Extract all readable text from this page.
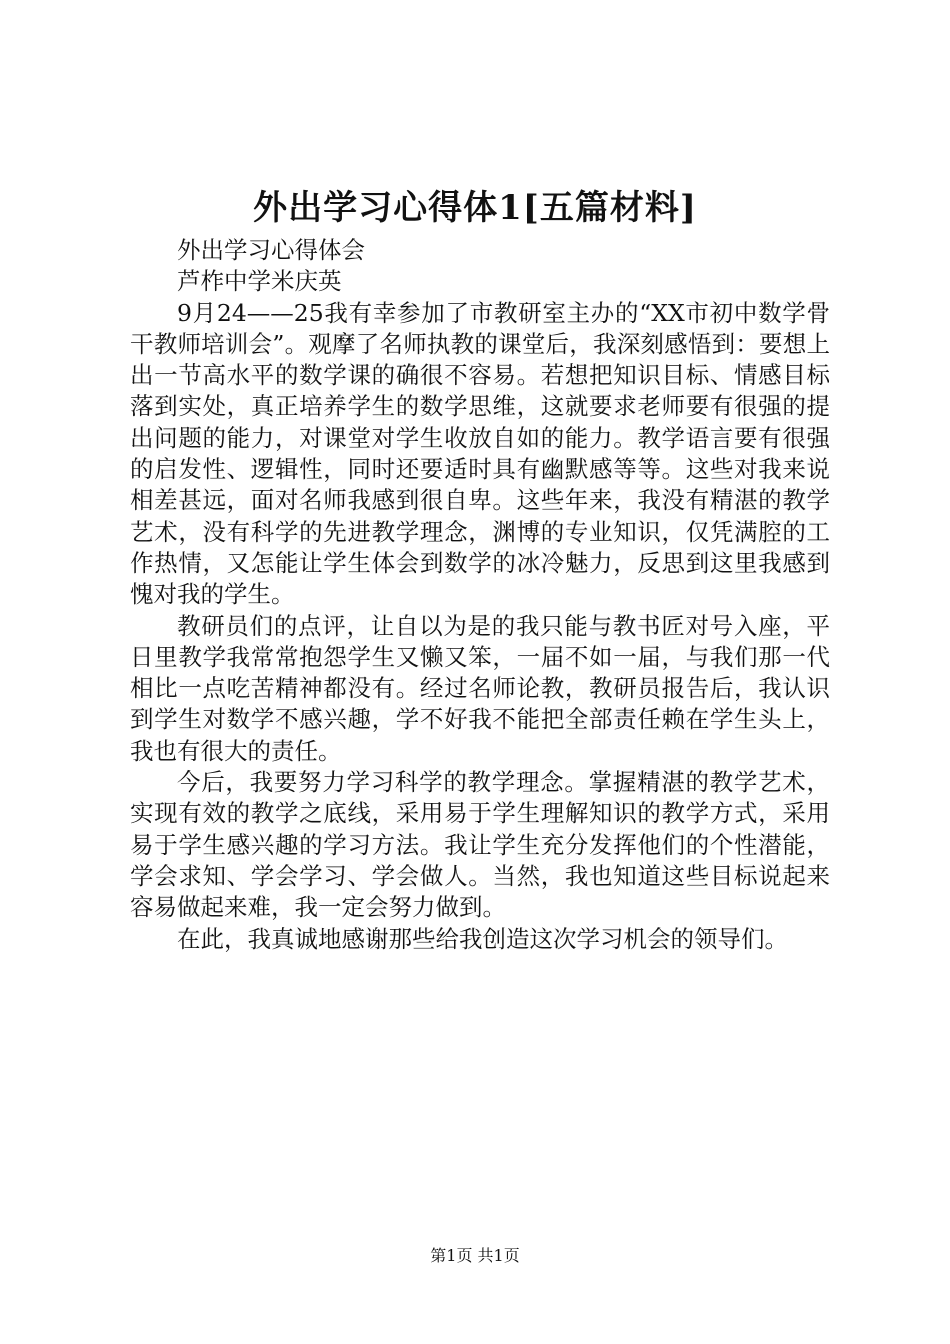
外出学习心得体1[五篇材料]

外出学习心得体会

芦柞中学米庆英

9月24——25我有幸参加了市教研室主办的“XX市初中数学骨干教师培训会”。观摩了名师执教的课堂后，我深刻感悟到：要想上出一节高水平的数学课的确很不容易。若想把知识目标、情感目标落到实处，真正培养学生的数学思维，这就要求老师要有很强的提出问题的能力，对课堂对学生收放自如的能力。教学语言要有很强的启发性、逻辑性，同时还要适时具有幽默感等等。这些对我来说相差甚远，面对名师我感到很自卑。这些年来，我没有精湛的教学艺术，没有科学的先进教学理念，渊博的专业知识，仅凭满腔的工作热情，又怎能让学生体会到数学的冰冷魅力，反思到这里我感到愧对我的学生。

教研员们的点评，让自以为是的我只能与教书匠对号入座，平日里教学我常常抱怨学生又懒又笨，一届不如一届，与我们那一代相比一点吃苦精神都没有。经过名师论教，教研员报告后，我认识到学生对数学不感兴趣，学不好我不能把全部责任赖在学生头上，我也有很大的责任。

今后，我要努力学习科学的教学理念。掌握精湛的教学艺术，实现有效的教学之底线，采用易于学生理解知识的教学方式，采用易于学生感兴趣的学习方法。我让学生充分发挥他们的个性潜能，学会求知、学会学习、学会做人。当然，我也知道这些目标说起来容易做起来难，我一定会努力做到。

在此，我真诚地感谢那些给我创造这次学习机会的领导们。

第1页 共1页
